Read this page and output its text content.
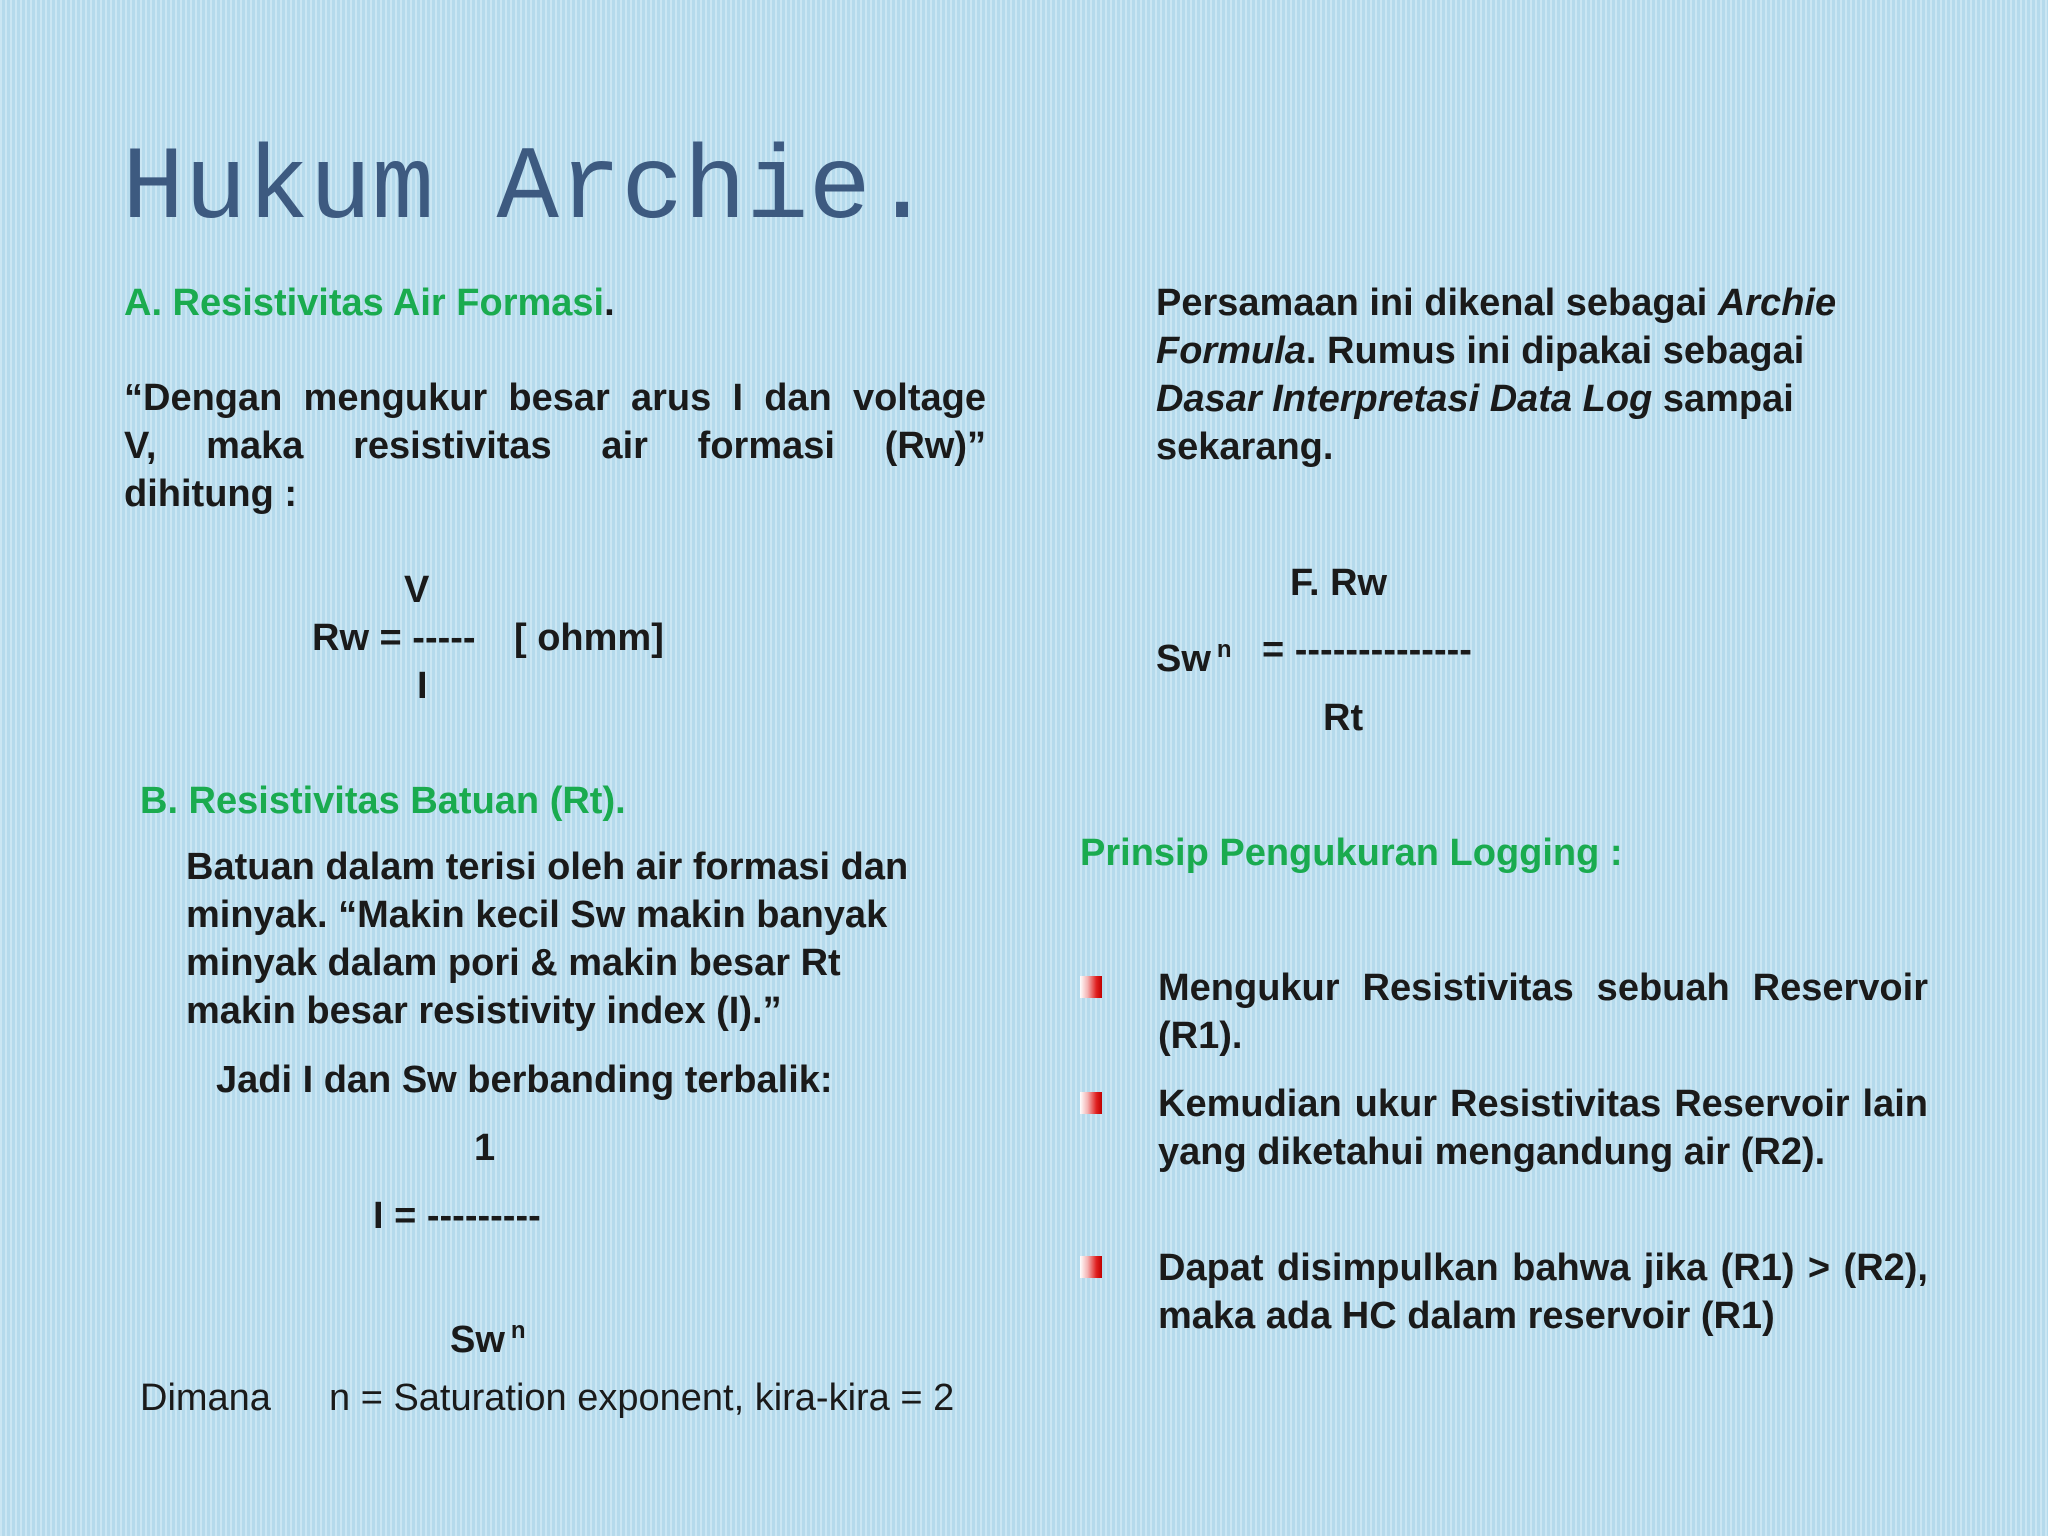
Hukum Archie.
A. Resistivitas Air Formasi.
“Dengan mengukur besar arus I dan voltage
V, maka resistivitas air formasi (Rw)”
dihitung :
V
Rw = ----- [ ohmm]
I
B. Resistivitas Batuan (Rt).
Batuan dalam terisi oleh air formasi dan
minyak. “Makin kecil Sw makin banyak
minyak dalam pori & makin besar Rt
makin besar resistivity index (I).”
Jadi I dan Sw berbanding terbalik:
1
I = ---------
Sw $^n$
Dimana n = Saturation exponent, kira-kira = 2
Persamaan ini dikenal sebagai Archie
Formula. Rumus ini dipakai sebagai
Dasar Interpretasi Data Log sampai
sekarang.
F. Rw
Sw $^n$ = --------------
Rt
Prinsip Pengukuran Logging :
Mengukur Resistivitas sebuah Reservoir (R1).
Kemudian ukur Resistivitas Reservoir lain yang diketahui mengandung air (R2).
Dapat disimpulkan bahwa jika (R1) > (R2), maka ada HC dalam reservoir (R1)
